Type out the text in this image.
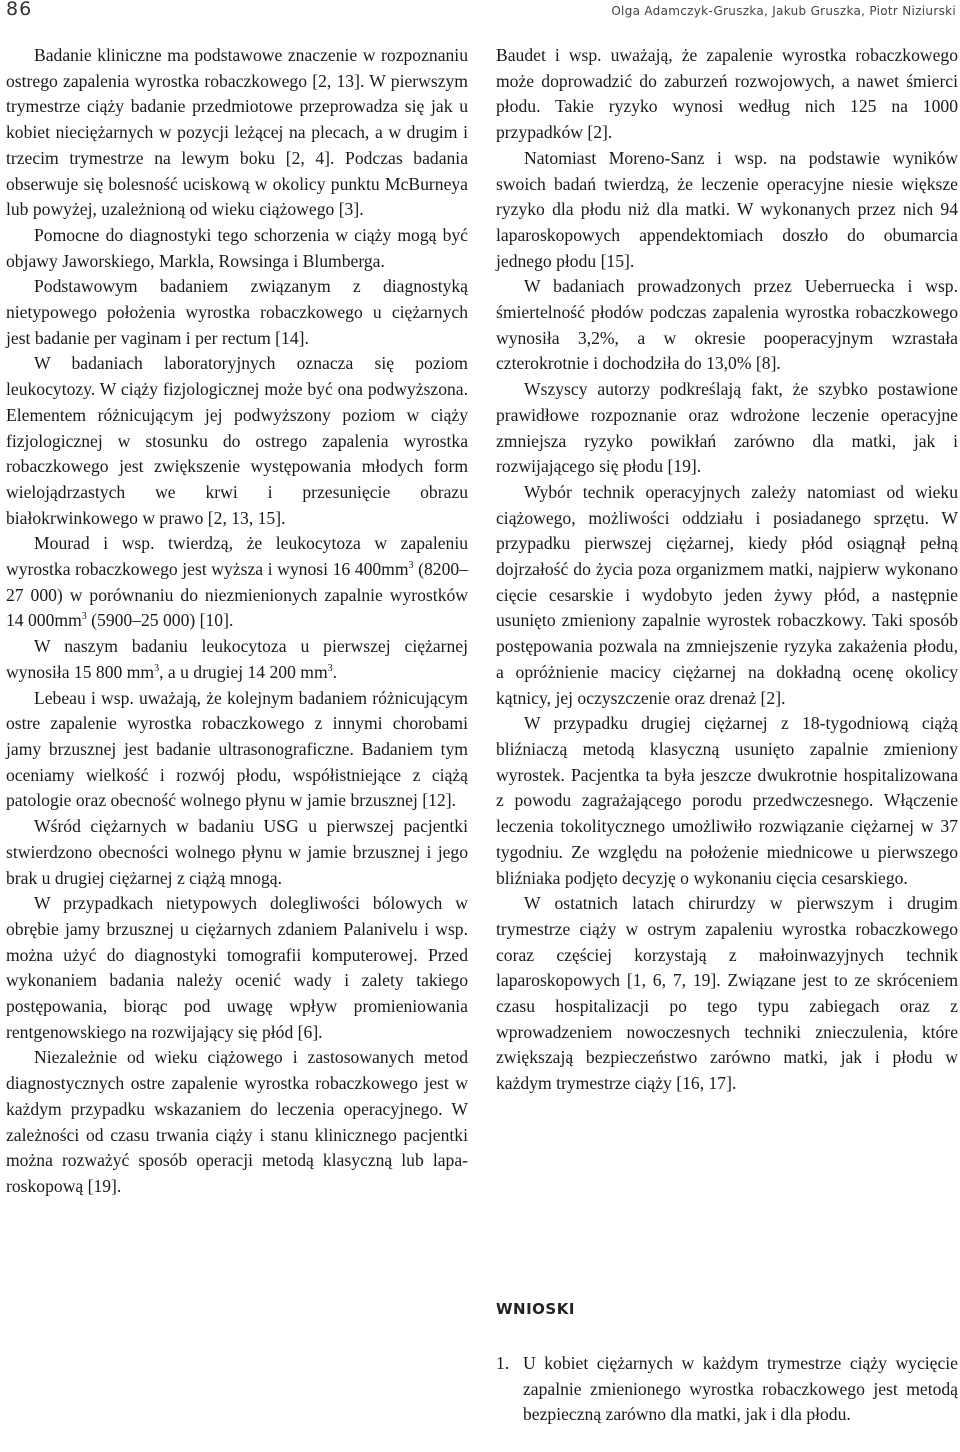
86	Olga Adamczyk-Gruszka, Jakub Gruszka, Piotr Niziurski

Badanie kliniczne ma podstawowe znaczenie w rozpoznaniu ostrego zapalenia wyrostka robaczkowego [2, 13]. W pierwszym trymestrze ciąży badanie przedmiotowe przeprowadza się jak u kobiet nieciężarnych w pozycji leżącej na plecach, a w drugim i trzecim trymestrze na lewym boku [2, 4]. Podczas badania obserwuje się bolesność uciskową w okolicy punktu McBurneya lub powyżej, uzależnioną od wieku ciążowego [3].

Pomocne do diagnostyki tego schorzenia w ciąży mogą być objawy Jaworskiego, Markla, Rowsinga i Blumberga.

Podstawowym badaniem związanym z diagnostyką nietypowego położenia wyrostka robaczkowego u ciężarnych jest badanie per vaginam i per rectum [14].

W badaniach laboratoryjnych oznacza się poziom leukocytozy. W ciąży fizjologicznej może być ona podwyższona. Elementem różnicującym jej podwyższony poziom w ciąży fizjologicznej w stosunku do ostrego zapalenia wyrostka robaczkowego jest zwiększenie występowania młodych form wielojądrzastych we krwi i przesunięcie obrazu białokrwinkowego w prawo [2, 13, 15].

Mourad i wsp. twierdzą, że leukocytoza w zapaleniu wyrostka robaczkowego jest wyższa i wynosi 16 $400mm^3$ (8200–27 000) w porównaniu do niezmienionych zapalnie wyrostków 14 $000mm^3$ (5900–25 000) [10].

W naszym badaniu leukocytoza u pierwszej ciężarnej wynosiła 15 800 $mm^3$, a u drugiej 14 200 $mm^3$.

Lebeau i wsp. uważają, że kolejnym badaniem różnicującym ostre zapalenie wyrostka robaczkowego z innymi chorobami jamy brzusznej jest badanie ultrasonograficzne. Badaniem tym oceniamy wielkość i rozwój płodu, współistniejące z ciążą patologie oraz obecność wolnego płynu w jamie brzusznej [12].

Wśród ciężarnych w badaniu USG u pierwszej pacjentki stwierdzono obecności wolnego płynu w jamie brzusznej i jego brak u drugiej ciężarnej z ciążą mnogą.

W przypadkach nietypowych dolegliwości bólowych w obrębie jamy brzusznej u ciężarnych zdaniem Palanivelu i wsp. można użyć do diagnostyki tomografii komputerowej. Przed wykonaniem badania należy ocenić wady i zalety takiego postępowania, biorąc pod uwagę wpływ promieniowania rentgenowskiego na rozwijający się płód [6].

Niezależnie od wieku ciążowego i zastosowanych metod diagnostycznych ostre zapalenie wyrostka robaczkowego jest w każdym przypadku wskazaniem do leczenia operacyjnego. W zależności od czasu trwania ciąży i stanu klinicznego pacjentki można rozważyć sposób operacji metodą klasyczną lub laparoskopową [19].

Baudet i wsp. uważają, że zapalenie wyrostka robaczkowego może doprowadzić do zaburzeń rozwojowych, a nawet śmierci płodu. Takie ryzyko wynosi według nich 125 na 1000 przypadków [2].

Natomiast Moreno-Sanz i wsp. na podstawie wyników swoich badań twierdzą, że leczenie operacyjne niesie większe ryzyko dla płodu niż dla matki. W wykonanych przez nich 94 laparoskopowych appendektomiach doszło do obumarcia jednego płodu [15].

W badaniach prowadzonych przez Ueberruecka i wsp. śmiertelność płodów podczas zapalenia wyrostka robaczkowego wynosiła 3,2%, a w okresie pooperacyjnym wzrastała czterokrotnie i dochodziła do 13,0% [8].

Wszyscy autorzy podkreślają fakt, że szybko postawione prawidłowe rozpoznanie oraz wdrożone leczenie operacyjne zmniejsza ryzyko powikłań zarówno dla matki, jak i rozwijającego się płodu [19].

Wybór technik operacyjnych zależy natomiast od wieku ciążowego, możliwości oddziału i posiadanego sprzętu. W przypadku pierwszej ciężarnej, kiedy płód osiągnął pełną dojrzałość do życia poza organizmem matki, najpierw wykonano cięcie cesarskie i wydobyto jeden żywy płód, a następnie usunięto zmieniony zapalnie wyrostek robaczkowy. Taki sposób postępowania pozwala na zmniejszenie ryzyka zakażenia płodu, a opróżnienie macicy ciężarnej na dokładną ocenę okolicy kątnicy, jej oczyszczenie oraz drenaż [2].

W przypadku drugiej ciężarnej z 18-tygodniową ciążą bliźniaczą metodą klasyczną usunięto zapalnie zmieniony wyrostek. Pacjentka ta była jeszcze dwukrotnie hospitalizowana z powodu zagrażającego porodu przedwczesnego. Włączenie leczenia tokolitycznego umożliwiło rozwiązanie ciężarnej w 37 tygodniu. Ze względu na położenie miednicowe u pierwszego bliźniaka podjęto decyzję o wykonaniu cięcia cesarskiego.

W ostatnich latach chirurdzy w pierwszym i drugim trymestrze ciąży w ostrym zapaleniu wyrostka robaczkowego coraz częściej korzystają z małoinwazyjnych technik laparoskopowych [1, 6, 7, 19]. Związane jest to ze skróceniem czasu hospitalizacji po tego typu zabiegach oraz z wprowadzeniem nowoczesnych techniki znieczulenia, które zwiększają bezpieczeństwo zarówno matki, jak i płodu w każdym trymestrze ciąży [16, 17].

WNIOSKI
1. U kobiet ciężarnych w każdym trymestrze ciąży wycięcie zapalnie zmienionego wyrostka robaczkowego jest metodą bezpieczną zarówno dla matki, jak i dla płodu.
